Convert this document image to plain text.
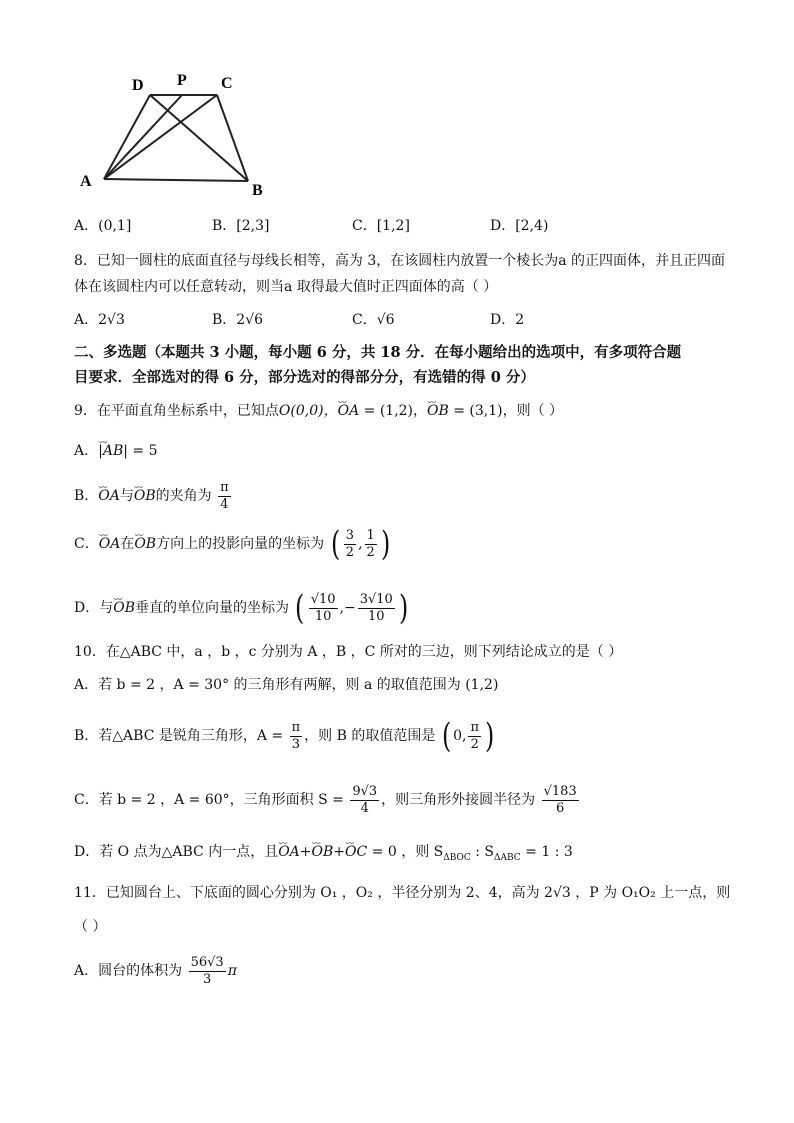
D P C
A
B
A．(0,1]	B．[2,3]	C．[1,2]	D．[2,4)
8．已知一圆柱的底面直径与母线长相等，高为 3，在该圆柱内放置一个棱长为a 的正四面体，并且正四面
体在该圆柱内可以任意转动，则当a 取得最大值时正四面体的高（ ）
A．2√3	B．2√6	C．√6	D．2
二、多选题（本题共 3 小题，每小题 6 分，共 18 分．在每小题给出的选项中，有多项符合题
目要求．全部选对的得 6 分，部分选对的得部分分，有选错的得 0 分）
9．在平面直角坐标系中，已知点O(0,0)，⌣⌣ OA = (1,2)，⌣⌣ OB = (3,1)，则（ ）
A．⌣⌣ |AB| = 5
B．⌣⌣ OA与⌣⌣ OB的夹角为 $\frac{\pi}{4}$
C．⌣⌣ OA在⌣⌣ OB方向上的投影向量的坐标为 ( $\frac{3}{2}$ , $\frac{1}{2}$ )
D．与⌣⌣ OB垂直的单位向量的坐标为 ( $\frac{√10}{10}$ ,− $\frac{3√10}{10}$ )
10．在△ABC 中，a ，b ，c 分别为 A ，B ，C 所对的三边，则下列结论成立的是（ ）
A．若 b = 2 ，A = 30° 的三角形有两解，则 a 的取值范围为 (1,2)
B．若△ABC 是锐角三角形，$A = \frac{\pi}{3}$ ，则 B 的取值范围是 ( 0, $\frac{\pi}{2}$ )
C．若 b = 2 ，A = 60°，三角形面积 $S = \frac{9√3}{4}$ ，则三角形外接圆半径为 $\frac{√183}{6}$
D．若 O 点为△ABC 内一点，且⌣⌣ OA+⌣⌣ OB+⌣⌣ OC = 0 ，则 $S_{\Delta BOC}$ : $S_{\Delta ABC} = 1$ : 3
11．已知圆台上、下底面的圆心分别为 O₁ ，O₂ ，半径分别为 2、4，高为 2√3 ，P 为 O₁O₂ 上一点，则
（ ）
A．圆台的体积为 $\frac{56√3}{3}$ π
